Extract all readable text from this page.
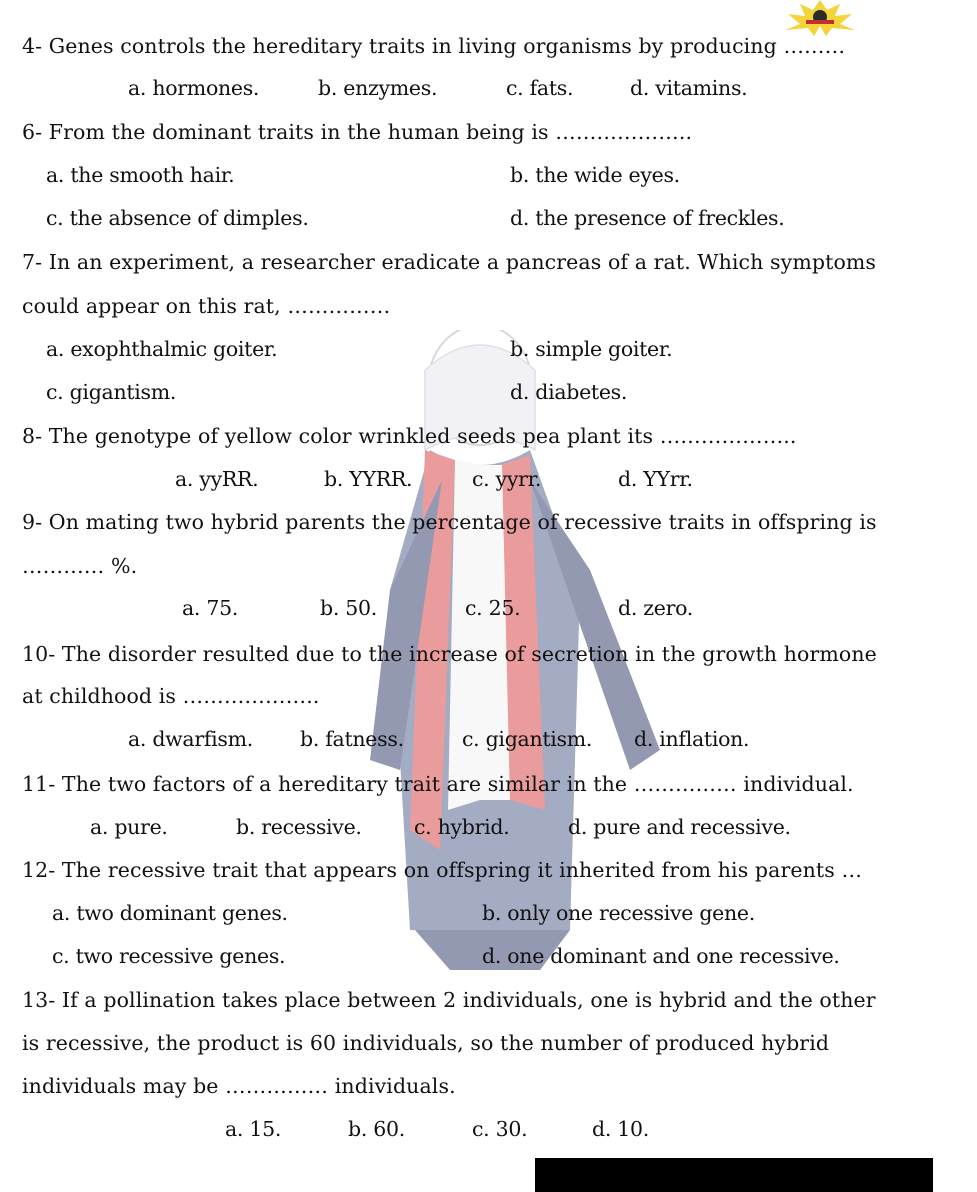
4- Genes controls the hereditary traits in living organisms by producing ………
a. hormones.	b. enzymes.	c. fats.	d. vitamins.
6- From the dominant traits in the human being is ………………..
a. the smooth hair.	b. the wide eyes.
c. the absence of dimples.	d. the presence of freckles.
7- In an experiment, a researcher eradicate a pancreas of a rat. Which symptoms
could appear on this rat, ……………
a. exophthalmic goiter.	b. simple goiter.
c. gigantism.	d. diabetes.
8- The genotype of yellow color wrinkled seeds pea plant its ………………..
a. yyRR.	b. YYRR.	c. yyrr.	d. YYrr.
9- On mating two hybrid parents the percentage of recessive traits in offspring is
………… %.
a. 75.	b. 50.	c. 25.	d. zero.
10- The disorder resulted due to the increase of secretion in the growth hormone
at childhood is ………………..
a. dwarfism. b. fatness.	c. gigantism. d. inflation.
11- The two factors of a hereditary trait are similar in the …………… individual.
a. pure.	b. recessive.	c. hybrid.	d. pure and recessive.
12- The recessive trait that appears on offspring it inherited from his parents …
a. two dominant genes.	b. only one recessive gene.
c. two recessive genes.	d. one dominant and one recessive.
13- If a pollination takes place between 2 individuals, one is hybrid and the other
is recessive, the product is 60 individuals, so the number of produced hybrid
individuals may be …………… individuals.
a. 15.	b. 60.	c. 30.	d. 10.
